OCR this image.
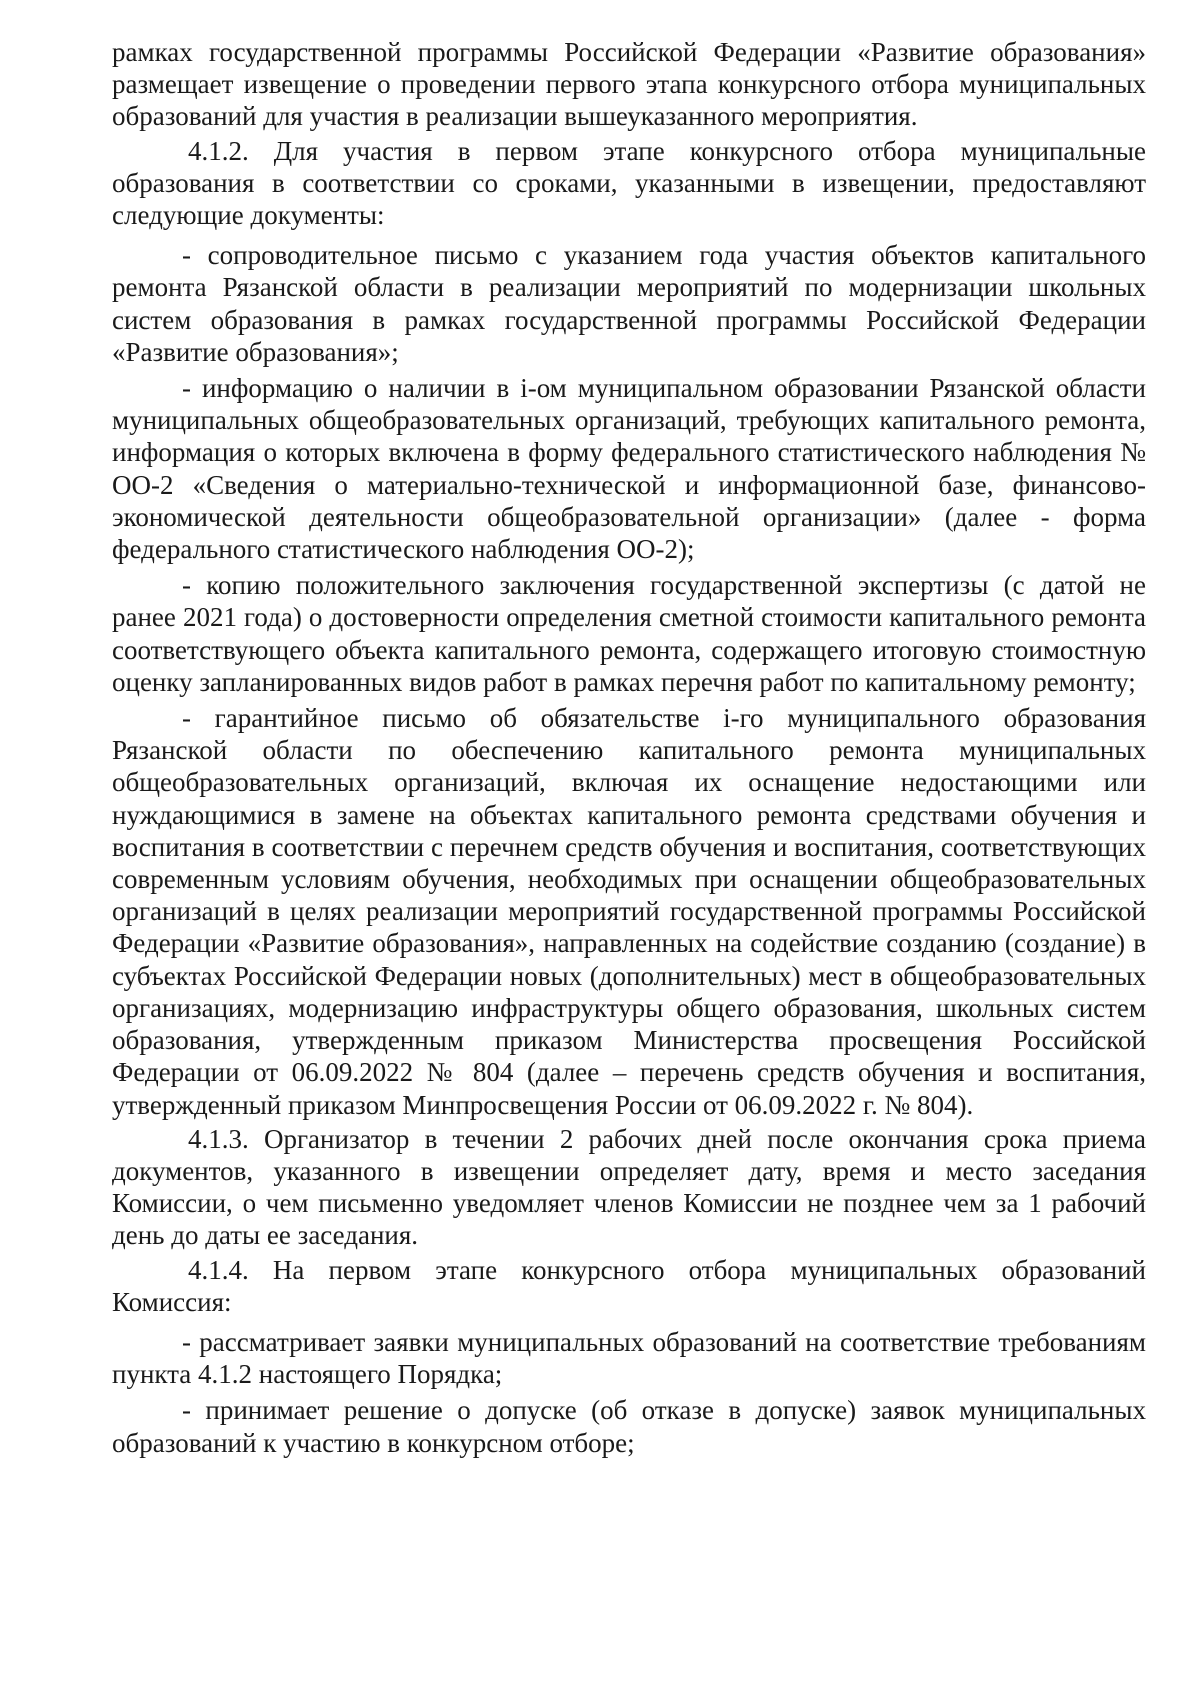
рамках государственной программы Российской Федерации «Развитие образования» размещает извещение о проведении первого этапа конкурсного отбора муниципальных образований для участия в реализации вышеуказанного мероприятия.

4.1.2. Для участия в первом этапе конкурсного отбора муниципальные образования в соответствии со сроками, указанными в извещении, предоставляют следующие документы:

- сопроводительное письмо с указанием года участия объектов капитального ремонта Рязанской области в реализации мероприятий по модернизации школьных систем образования в рамках государственной программы Российской Федерации «Развитие образования»;

- информацию о наличии в i-ом муниципальном образовании Рязанской области муниципальных общеобразовательных организаций, требующих капитального ремонта, информация о которых включена в форму федерального статистического наблюдения № ОО-2 «Сведения о материально-технической и информационной базе, финансово-экономической деятельности общеобразовательной организации» (далее - форма федерального статистического наблюдения ОО-2);

- копию положительного заключения государственной экспертизы (с датой не ранее 2021 года) о достоверности определения сметной стоимости капитального ремонта соответствующего объекта капитального ремонта, содержащего итоговую стоимостную оценку запланированных видов работ в рамках перечня работ по капитальному ремонту;

- гарантийное письмо об обязательстве i-го муниципального образования Рязанской области по обеспечению капитального ремонта муниципальных общеобразовательных организаций, включая их оснащение недостающими или нуждающимися в замене на объектах капитального ремонта средствами обучения и воспитания в соответствии с перечнем средств обучения и воспитания, соответствующих современным условиям обучения, необходимых при оснащении общеобразовательных организаций в целях реализации мероприятий государственной программы Российской Федерации «Развитие образования», направленных на содействие созданию (создание) в субъектах Российской Федерации новых (дополнительных) мест в общеобразовательных организациях, модернизацию инфраструктуры общего образования, школьных систем образования, утвержденным приказом Министерства просвещения Российской Федерации от 06.09.2022 № 804 (далее – перечень средств обучения и воспитания, утвержденный приказом Минпросвещения России от 06.09.2022 г. № 804).

4.1.3. Организатор в течении 2 рабочих дней после окончания срока приема документов, указанного в извещении определяет дату, время и место заседания Комиссии, о чем письменно уведомляет членов Комиссии не позднее чем за 1 рабочий день до даты ее заседания.

4.1.4. На первом этапе конкурсного отбора муниципальных образований Комиссия:

- рассматривает заявки муниципальных образований на соответствие требованиям пункта 4.1.2 настоящего Порядка;

- принимает решение о допуске (об отказе в допуске) заявок муниципальных образований к участию в конкурсном отборе;
